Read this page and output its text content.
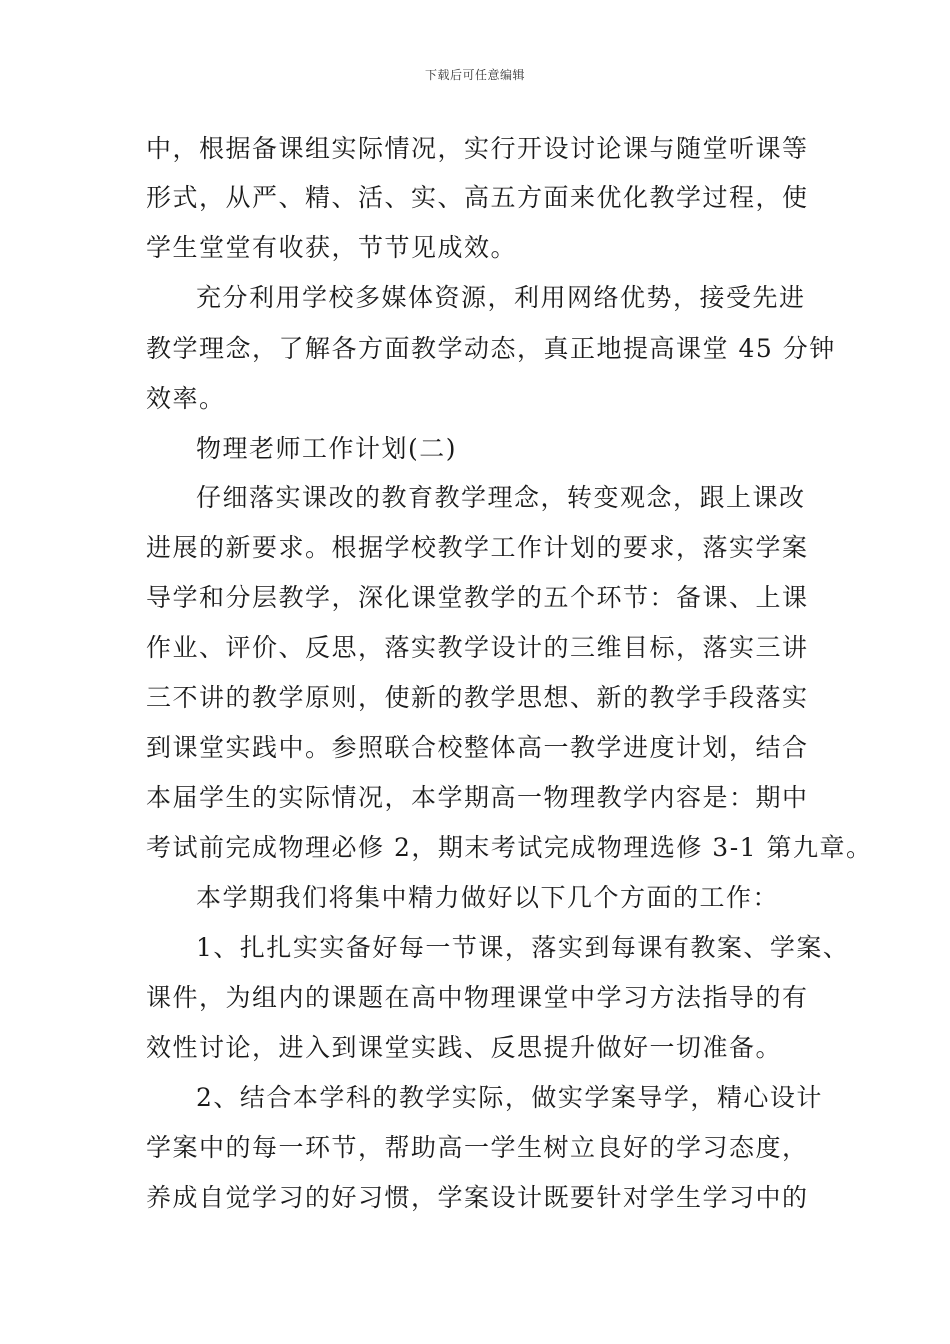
下载后可任意编辑
中，根据备课组实际情况，实行开设讨论课与随堂听课等
形式，从严、精、活、实、高五方面来优化教学过程，使
学生堂堂有收获，节节见成效。
充分利用学校多媒体资源，利用网络优势，接受先进
教学理念，了解各方面教学动态，真正地提高课堂 45 分钟
效率。
物理老师工作计划(二)
仔细落实课改的教育教学理念，转变观念，跟上课改
进展的新要求。根据学校教学工作计划的要求，落实学案
导学和分层教学，深化课堂教学的五个环节：备课、上课
作业、评价、反思，落实教学设计的三维目标，落实三讲
三不讲的教学原则，使新的教学思想、新的教学手段落实
到课堂实践中。参照联合校整体高一教学进度计划，结合
本届学生的实际情况，本学期高一物理教学内容是：期中
考试前完成物理必修 2，期末考试完成物理选修 3-1 第九章。
本学期我们将集中精力做好以下几个方面的工作：
1、扎扎实实备好每一节课，落实到每课有教案、学案、
课件，为组内的课题在高中物理课堂中学习方法指导的有
效性讨论，进入到课堂实践、反思提升做好一切准备。
2、结合本学科的教学实际，做实学案导学，精心设计
学案中的每一环节，帮助高一学生树立良好的学习态度，
养成自觉学习的好习惯，学案设计既要针对学生学习中的
